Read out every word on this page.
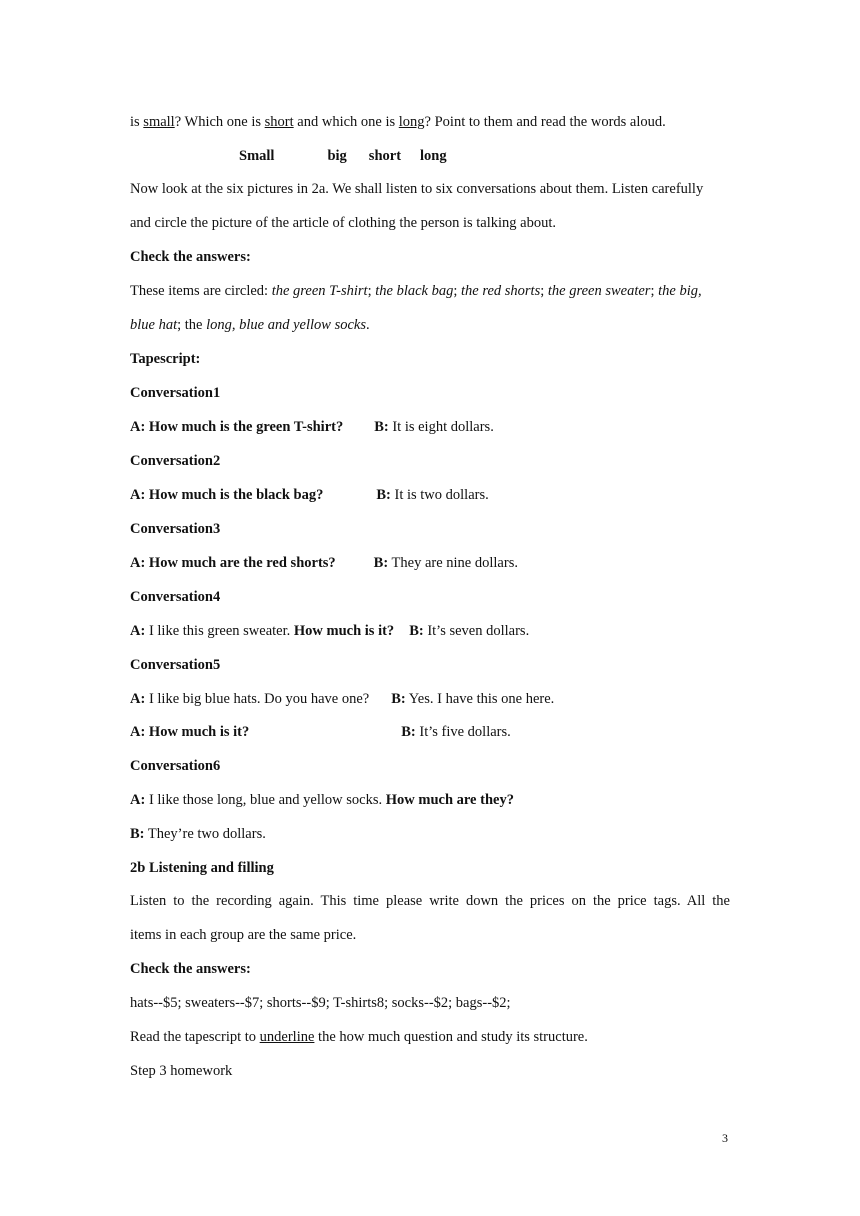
is small? Which one is short and which one is long? Point to them and read the words aloud.
Small	big short long
Now look at the six pictures in 2a. We shall listen to six conversations about them. Listen carefully
and circle the picture of the article of clothing the person is talking about.
Check the answers:
These items are circled: the green T-shirt; the black bag; the red shorts; the green sweater; the big,
blue hat; the long, blue and yellow socks.
Tapescript:
Conversation1
A: How much is the green T-shirt? B: It is eight dollars.
Conversation2
A: How much is the black bag?	B: It is two dollars.
Conversation3
A: How much are the red shorts?	B: They are nine dollars.
Conversation4
A: I like this green sweater. How much is it? B: It’s seven dollars.
Conversation5
A: I like big blue hats. Do you have one? B: Yes. I have this one here.
A: How much is it?	B: It’s five dollars.
Conversation6
A: I like those long, blue and yellow socks. How much are they?
B: They’re two dollars.
2b Listening and filling
Listen to the recording again. This time please write down the prices on the price tags. All the
items in each group are the same price.
Check the answers:
hats--$5; sweaters--$7; shorts--$9; T-shirts8; socks--$2; bags--$2;
Read the tapescript to underline the how much question and study its structure.
Step 3 homework
3
